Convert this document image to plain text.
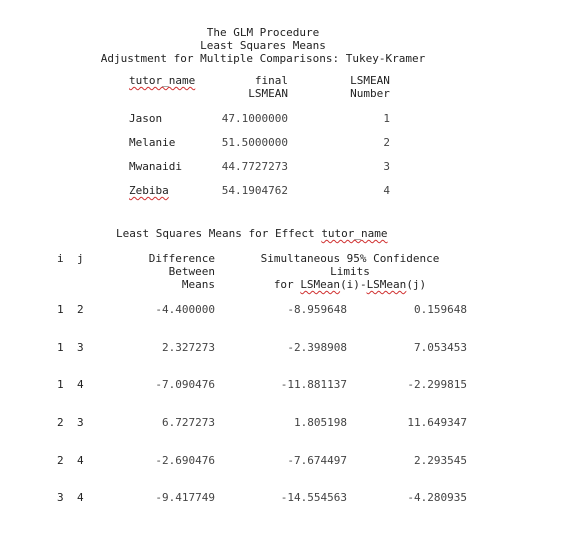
The GLM Procedure
Least Squares Means
Adjustment for Multiple Comparisons: Tukey-Kramer
tutor_name	final
LSMEAN
LSMEAN
Number
Jason	47.1000000	1
Melanie	51.5000000	2
Mwanaidi	44.7727273	3
Zebiba	54.1904762	4
Least Squares Means for Effect tutor_name
i j	Difference
Between
Means
Simultaneous 95% Confidence
Limits
for LSMean(i)-LSMean(j)
1 2	-4.400000	-8.959648	0.159648
1 3	2.327273	-2.398908	7.053453
1 4	-7.090476	-11.881137	-2.299815
2 3	6.727273	1.805198	11.649347
2 4	-2.690476	-7.674497	2.293545
3 4	-9.417749	-14.554563	-4.280935
